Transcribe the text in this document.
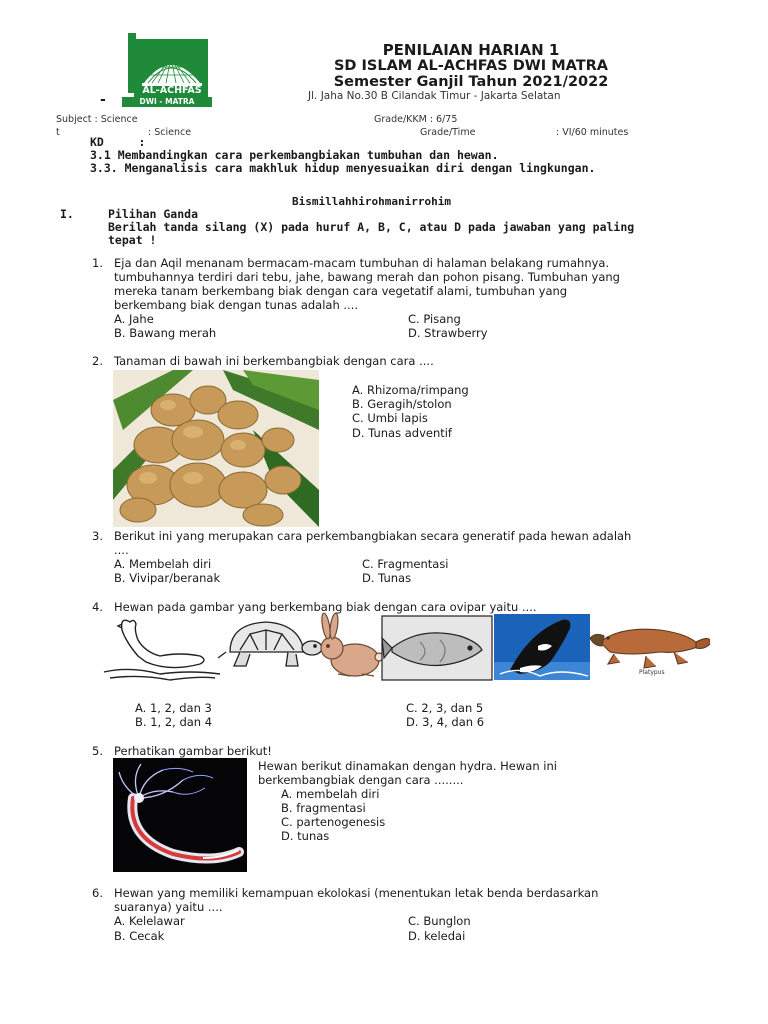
AL-ACHFAS
DWI - MATRA
PENILAIAN HARIAN 1
SD ISLAM AL-ACHFAS DWI MATRA
Semester Ganjil Tahun 2021/2022
Jl. Jaha No.30 B Cilandak Timur - Jakarta Selatan
-
Subject : Science	Grade/KKM : 6/75
t	: Science	Grade/Time	: VI/60 minutes
KD     :
3.1 Membandingkan cara perkembangbiakan tumbuhan dan hewan.
3.3. Menganalisis cara makhluk hidup menyesuaikan diri dengan lingkungan.
Bismillahhirohmanirrohim
I.	Pilihan Ganda
Berilah tanda silang (X) pada huruf A, B, C, atau D pada jawaban yang paling
tepat !
1. Eja dan Aqil menanam bermacam-macam tumbuhan di halaman belakang rumahnya.
tumbuhannya terdiri dari tebu, jahe, bawang merah dan pohon pisang. Tumbuhan yang
mereka tanam berkembang biak dengan cara vegetatif alami, tumbuhan yang
berkembang biak dengan tunas adalah ....
A. Jahe
B. Bawang merah
C. Pisang
D. Strawberry
2. Tanaman di bawah ini berkembangbiak dengan cara ....
A. Rhizoma/rimpang
B. Geragih/stolon
C. Umbi lapis
D. Tunas adventif
3. Berikut ini yang merupakan cara perkembangbiakan secara generatif pada hewan adalah
....
A. Membelah diri
B. Vivipar/beranak
C. Fragmentasi
D. Tunas
4. Hewan pada gambar yang berkembang biak dengan cara ovipar yaitu ....
Platypus
A. 1, 2, dan 3
B. 1, 2, dan 4
C. 2, 3, dan 5
D. 3, 4, dan 6
5. Perhatikan gambar berikut!
Hewan berikut dinamakan dengan hydra. Hewan ini
berkembangbiak dengan cara ........
A. membelah diri
B. fragmentasi
C. partenogenesis
D. tunas
6. Hewan yang memiliki kemampuan ekolokasi (menentukan letak benda berdasarkan
suaranya) yaitu ....
A. Kelelawar
B. Cecak
C. Bunglon
D. keledai
